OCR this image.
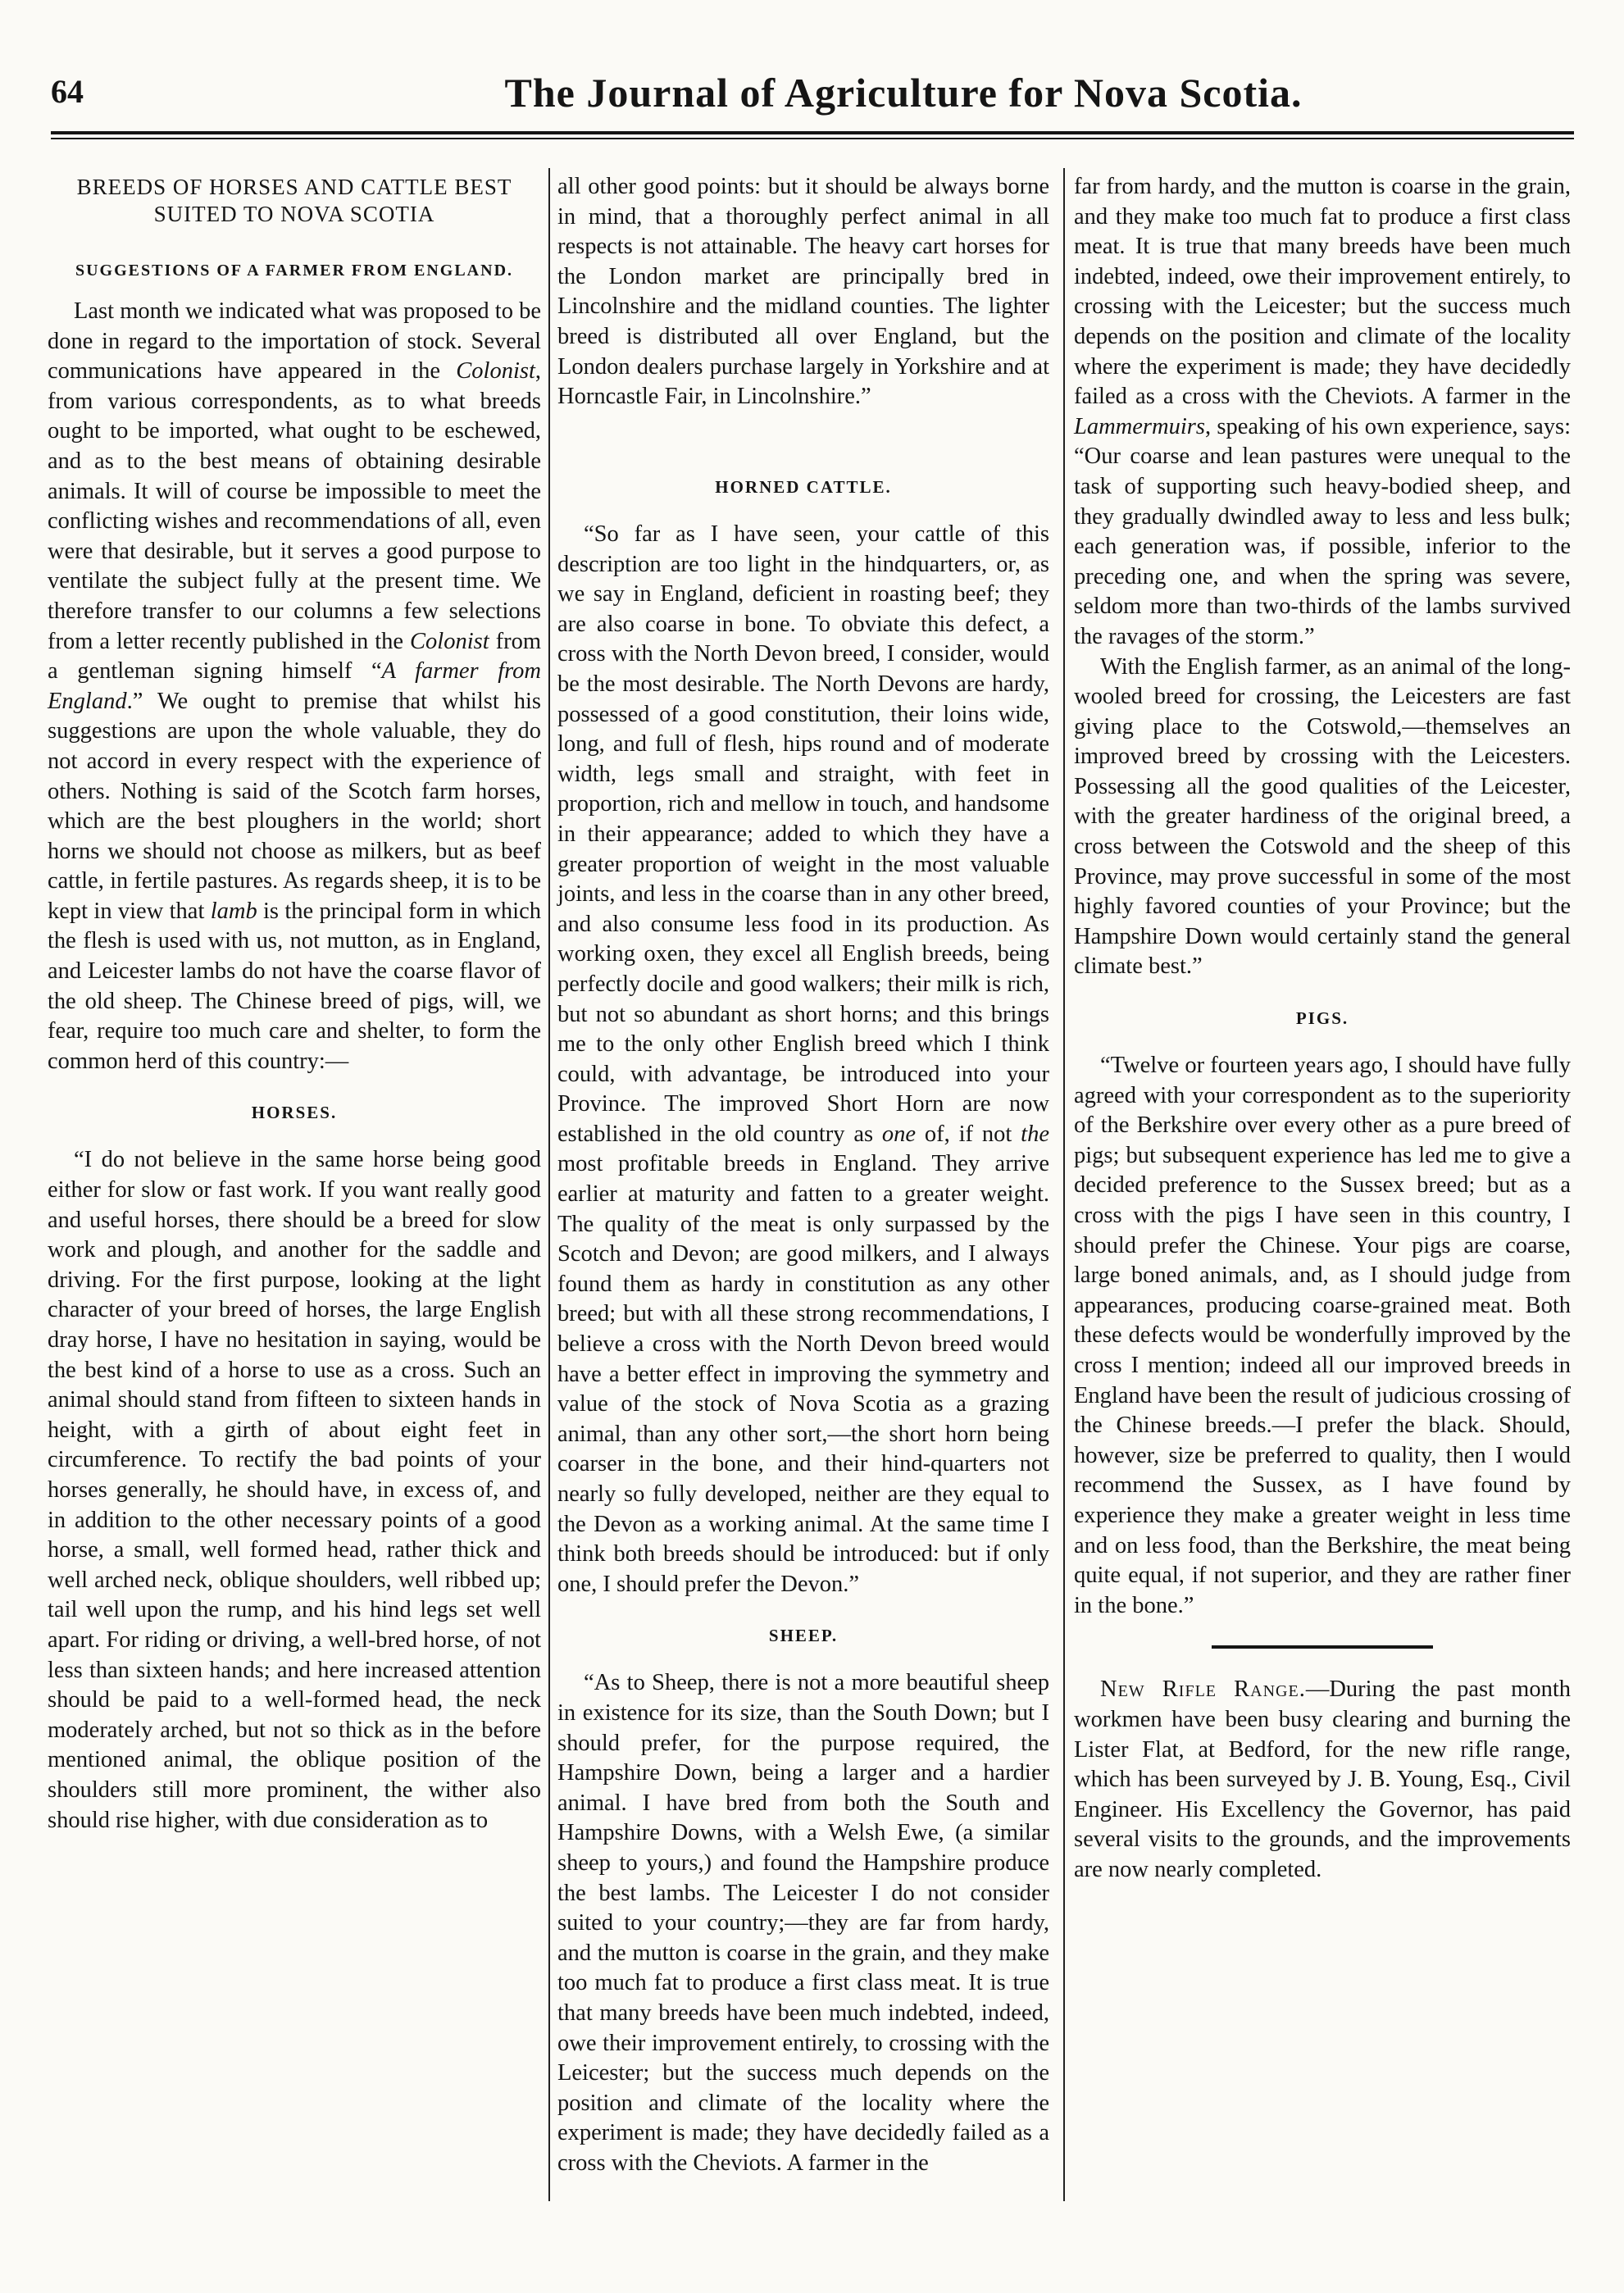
64	The Journal of Agriculture for Nova Scotia.
BREEDS OF HORSES AND CATTLE BEST SUITED TO NOVA SCOTIA
SUGGESTIONS OF A FARMER FROM ENGLAND.

Last month we indicated what was proposed to be done in regard to the importation of stock. Several communications have appeared in the Colonist, from various correspondents, as to what breeds ought to be imported, what ought to be eschewed, and as to the best means of obtaining desirable animals. It will of course be impossible to meet the conflicting wishes and recommendations of all, even were that desirable, but it serves a good purpose to ventilate the subject fully at the present time. We therefore transfer to our columns a few selections from a letter recently published in the Colonist from a gentleman signing himself “A farmer from England.” We ought to premise that whilst his suggestions are upon the whole valuable, they do not accord in every respect with the experience of others. Nothing is said of the Scotch farm horses, which are the best ploughers in the world; short horns we should not choose as milkers, but as beef cattle, in fertile pastures. As regards sheep, it is to be kept in view that lamb is the principal form in which the flesh is used with us, not mutton, as in England, and Leicester lambs do not have the coarse flavor of the old sheep. The Chinese breed of pigs, will, we fear, require too much care and shelter, to form the common herd of this country:—

HORSES.

“I do not believe in the same horse being good either for slow or fast work. If you want really good and useful horses, there should be a breed for slow work and plough, and another for the saddle and driving. For the first purpose, looking at the light character of your breed of horses, the large English dray horse, I have no hesitation in saying, would be the best kind of a horse to use as a cross. Such an animal should stand from fifteen to sixteen hands in height, with a girth of about eight feet in circumference. To rectify the bad points of your horses generally, he should have, in excess of, and in addition to the other necessary points of a good horse, a small, well formed head, rather thick and well arched neck, oblique shoulders, well ribbed up; tail well upon the rump, and his hind legs set well apart. For riding or driving, a well-bred horse, of not less than sixteen hands; and here increased attention should be paid to a well-formed head, the neck moderately arched, but not so thick as in the before mentioned animal, the oblique position of the shoulders still more prominent, the wither also should rise higher, with due consideration as to

all other good points: but it should be always borne in mind, that a thoroughly perfect animal in all respects is not attainable. The heavy cart horses for the London market are principally bred in Lincolnshire and the midland counties. The lighter breed is distributed all over England, but the London dealers purchase largely in Yorkshire and at Horncastle Fair, in Lincolnshire.”

HORNED CATTLE.

“So far as I have seen, your cattle of this description are too light in the hindquarters, or, as we say in England, deficient in roasting beef; they are also coarse in bone. To obviate this defect, a cross with the North Devon breed, I consider, would be the most desirable. The North Devons are hardy, possessed of a good constitution, their loins wide, long, and full of flesh, hips round and of moderate width, legs small and straight, with feet in proportion, rich and mellow in touch, and handsome in their appearance; added to which they have a greater proportion of weight in the most valuable joints, and less in the coarse than in any other breed, and also consume less food in its production. As working oxen, they excel all English breeds, being perfectly docile and good walkers; their milk is rich, but not so abundant as short horns; and this brings me to the only other English breed which I think could, with advantage, be introduced into your Province. The improved Short Horn are now established in the old country as one of, if not the most profitable breeds in England. They arrive earlier at maturity and fatten to a greater weight. The quality of the meat is only surpassed by the Scotch and Devon; are good milkers, and I always found them as hardy in constitution as any other breed; but with all these strong recommendations, I believe a cross with the North Devon breed would have a better effect in improving the symmetry and value of the stock of Nova Scotia as a grazing animal, than any other sort,—the short horn being coarser in the bone, and their hind-quarters not nearly so fully developed, neither are they equal to the Devon as a working animal. At the same time I think both breeds should be introduced: but if only one, I should prefer the Devon.”

SHEEP.

“As to Sheep, there is not a more beautiful sheep in existence for its size, than the South Down; but I should prefer, for the purpose required, the Hampshire Down, being a larger and a hardier animal. I have bred from both the South and Hampshire Downs, with a Welsh Ewe, (a similar sheep to yours,) and found the Hampshire produce the best lambs. The Leicester I do not consider suited to your country;—they are far from hardy, and the mutton is coarse in the grain, and they make too much fat to produce a first class meat. It is true that many breeds have been much indebted, indeed, owe their improvement entirely, to crossing with the Leicester; but the success much depends on the position and climate of the locality where the experiment is made; they have decidedly failed as a cross with the Cheviots. A farmer in the

far from hardy, and the mutton is coarse in the grain, and they make too much fat to produce a first class meat. It is true that many breeds have been much indebted, indeed, owe their improvement entirely, to crossing with the Leicester; but the success much depends on the position and climate of the locality where the experiment is made; they have decidedly failed as a cross with the Cheviots. A farmer in the Lammermuirs, speaking of his own experience, says: “Our coarse and lean pastures were unequal to the task of supporting such heavy-bodied sheep, and they gradually dwindled away to less and less bulk; each generation was, if possible, inferior to the preceding one, and when the spring was severe, seldom more than two-thirds of the lambs survived the ravages of the storm.”

With the English farmer, as an animal of the long-wooled breed for crossing, the Leicesters are fast giving place to the Cotswold,—themselves an improved breed by crossing with the Leicesters. Possessing all the good qualities of the Leicester, with the greater hardiness of the original breed, a cross between the Cotswold and the sheep of this Province, may prove successful in some of the most highly favored counties of your Province; but the Hampshire Down would certainly stand the general climate best.”

PIGS.

“Twelve or fourteen years ago, I should have fully agreed with your correspondent as to the superiority of the Berkshire over every other as a pure breed of pigs; but subsequent experience has led me to give a decided preference to the Sussex breed; but as a cross with the pigs I have seen in this country, I should prefer the Chinese. Your pigs are coarse, large boned animals, and, as I should judge from appearances, producing coarse-grained meat. Both these defects would be wonderfully improved by the cross I mention; indeed all our improved breeds in England have been the result of judicious crossing of the Chinese breeds.—I prefer the black. Should, however, size be preferred to quality, then I would recommend the Sussex, as I have found by experience they make a greater weight in less time and on less food, than the Berkshire, the meat being quite equal, if not superior, and they are rather finer in the bone.”

New Rifle Range.—During the past month workmen have been busy clearing and burning the Lister Flat, at Bedford, for the new rifle range, which has been surveyed by J. B. Young, Esq., Civil Engineer. His Excellency the Governor, has paid several visits to the grounds, and the improvements are now nearly completed.
